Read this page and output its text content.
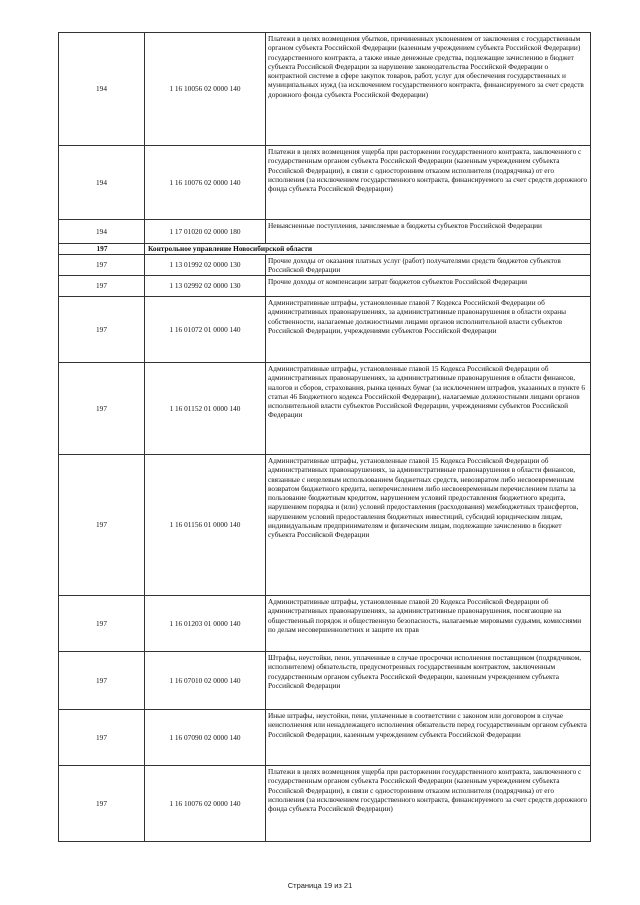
194	1 16 10056 02 0000 140	Платежи в целях возмещения убытков, причиненных уклонением от заключения с государственным органом субъекта Российской Федерации (казенным учреждением субъекта Российской Федерации) государственного контракта, а также иные денежные средства, подлежащие зачислению в бюджет субъекта Российской Федерации за нарушение законодательства Российской Федерации о контрактной системе в сфере закупок товаров, работ, услуг для обеспечения государственных и муниципальных нужд (за исключением государственного контракта, финансируемого за счет средств дорожного фонда субъекта Российской Федерации)
194	1 16 10076 02 0000 140	Платежи в целях возмещения ущерба при расторжении государственного контракта, заключенного с государственным органом субъекта Российской Федерации (казенным учреждением субъекта Российской Федерации), в связи с односторонним отказом исполнителя (подрядчика) от его исполнения (за исключением государственного контракта, финансируемого за счет средств дорожного фонда субъекта Российской Федерации)
194	1 17 01020 02 0000 180	Невыясненные поступления, зачисляемые в бюджеты субъектов Российской Федерации
197	Контрольное управление Новосибирской области	
197	1 13 01992 02 0000 130	Прочие доходы от оказания платных услуг (работ) получателями средств бюджетов субъектов Российской Федерации
197	1 13 02992 02 0000 130	Прочие доходы от компенсации затрат бюджетов субъектов Российской Федерации
197	1 16 01072 01 0000 140	Административные штрафы, установленные главой 7 Кодекса Российской Федерации об административных правонарушениях, за административные правонарушения в области охраны собственности, налагаемые должностными лицами органов исполнительной власти субъектов Российской Федерации, учреждениями субъектов Российской Федерации
197	1 16 01152 01 0000 140	Административные штрафы, установленные главой 15 Кодекса Российской Федерации об административных правонарушениях, за административные правонарушения в области финансов, налогов и сборов, страхования, рынка ценных бумаг (за исключением штрафов, указанных в пункте 6 статьи 46 Бюджетного кодекса Российской Федерации), налагаемые должностными лицами органов исполнительной власти субъектов Российской Федерации, учреждениями субъектов Российской Федерации
197	1 16 01156 01 0000 140	Административные штрафы, установленные главой 15 Кодекса Российской Федерации об административных правонарушениях, за административные правонарушения в области финансов, связанные с нецелевым использованием бюджетных средств, невозвратом либо несвоевременным возвратом бюджетного кредита, неперечислением либо несвоевременным перечислением платы за пользование бюджетным кредитом, нарушением условий предоставления бюджетного кредита, нарушением порядка и (или) условий предоставления (расходования) межбюджетных трансфертов, нарушением условий предоставления бюджетных инвестиций, субсидий юридическим лицам, индивидуальным предпринимателям и физическим лицам, подлежащие зачислению в бюджет субъекта Российской Федерации
197	1 16 01203 01 0000 140	Административные штрафы, установленные главой 20 Кодекса Российской Федерации об административных правонарушениях, за административные правонарушения, посягающие на общественный порядок и общественную безопасность, налагаемые мировыми судьями, комиссиями по делам несовершеннолетних и защите их прав
197	1 16 07010 02 0000 140	Штрафы, неустойки, пени, уплаченные в случае просрочки исполнения поставщиком (подрядчиком, исполнителем) обязательств, предусмотренных государственным контрактом, заключенным государственным органом субъекта Российской Федерации, казенным учреждением субъекта Российской Федерации
197	1 16 07090 02 0000 140	Иные штрафы, неустойки, пени, уплаченные в соответствии с законом или договором в случае неисполнения или ненадлежащего исполнения обязательств перед государственным органом субъекта Российской Федерации, казенным учреждением субъекта Российской Федерации
197	1 16 10076 02 0000 140	Платежи в целях возмещения ущерба при расторжении государственного контракта, заключенного с государственным органом субъекта Российской Федерации (казенным учреждением субъекта Российской Федерации), в связи с односторонним отказом исполнителя (подрядчика) от его исполнения (за исключением государственного контракта, финансируемого за счет средств дорожного фонда субъекта Российской Федерации)
Страница 19 из 21
